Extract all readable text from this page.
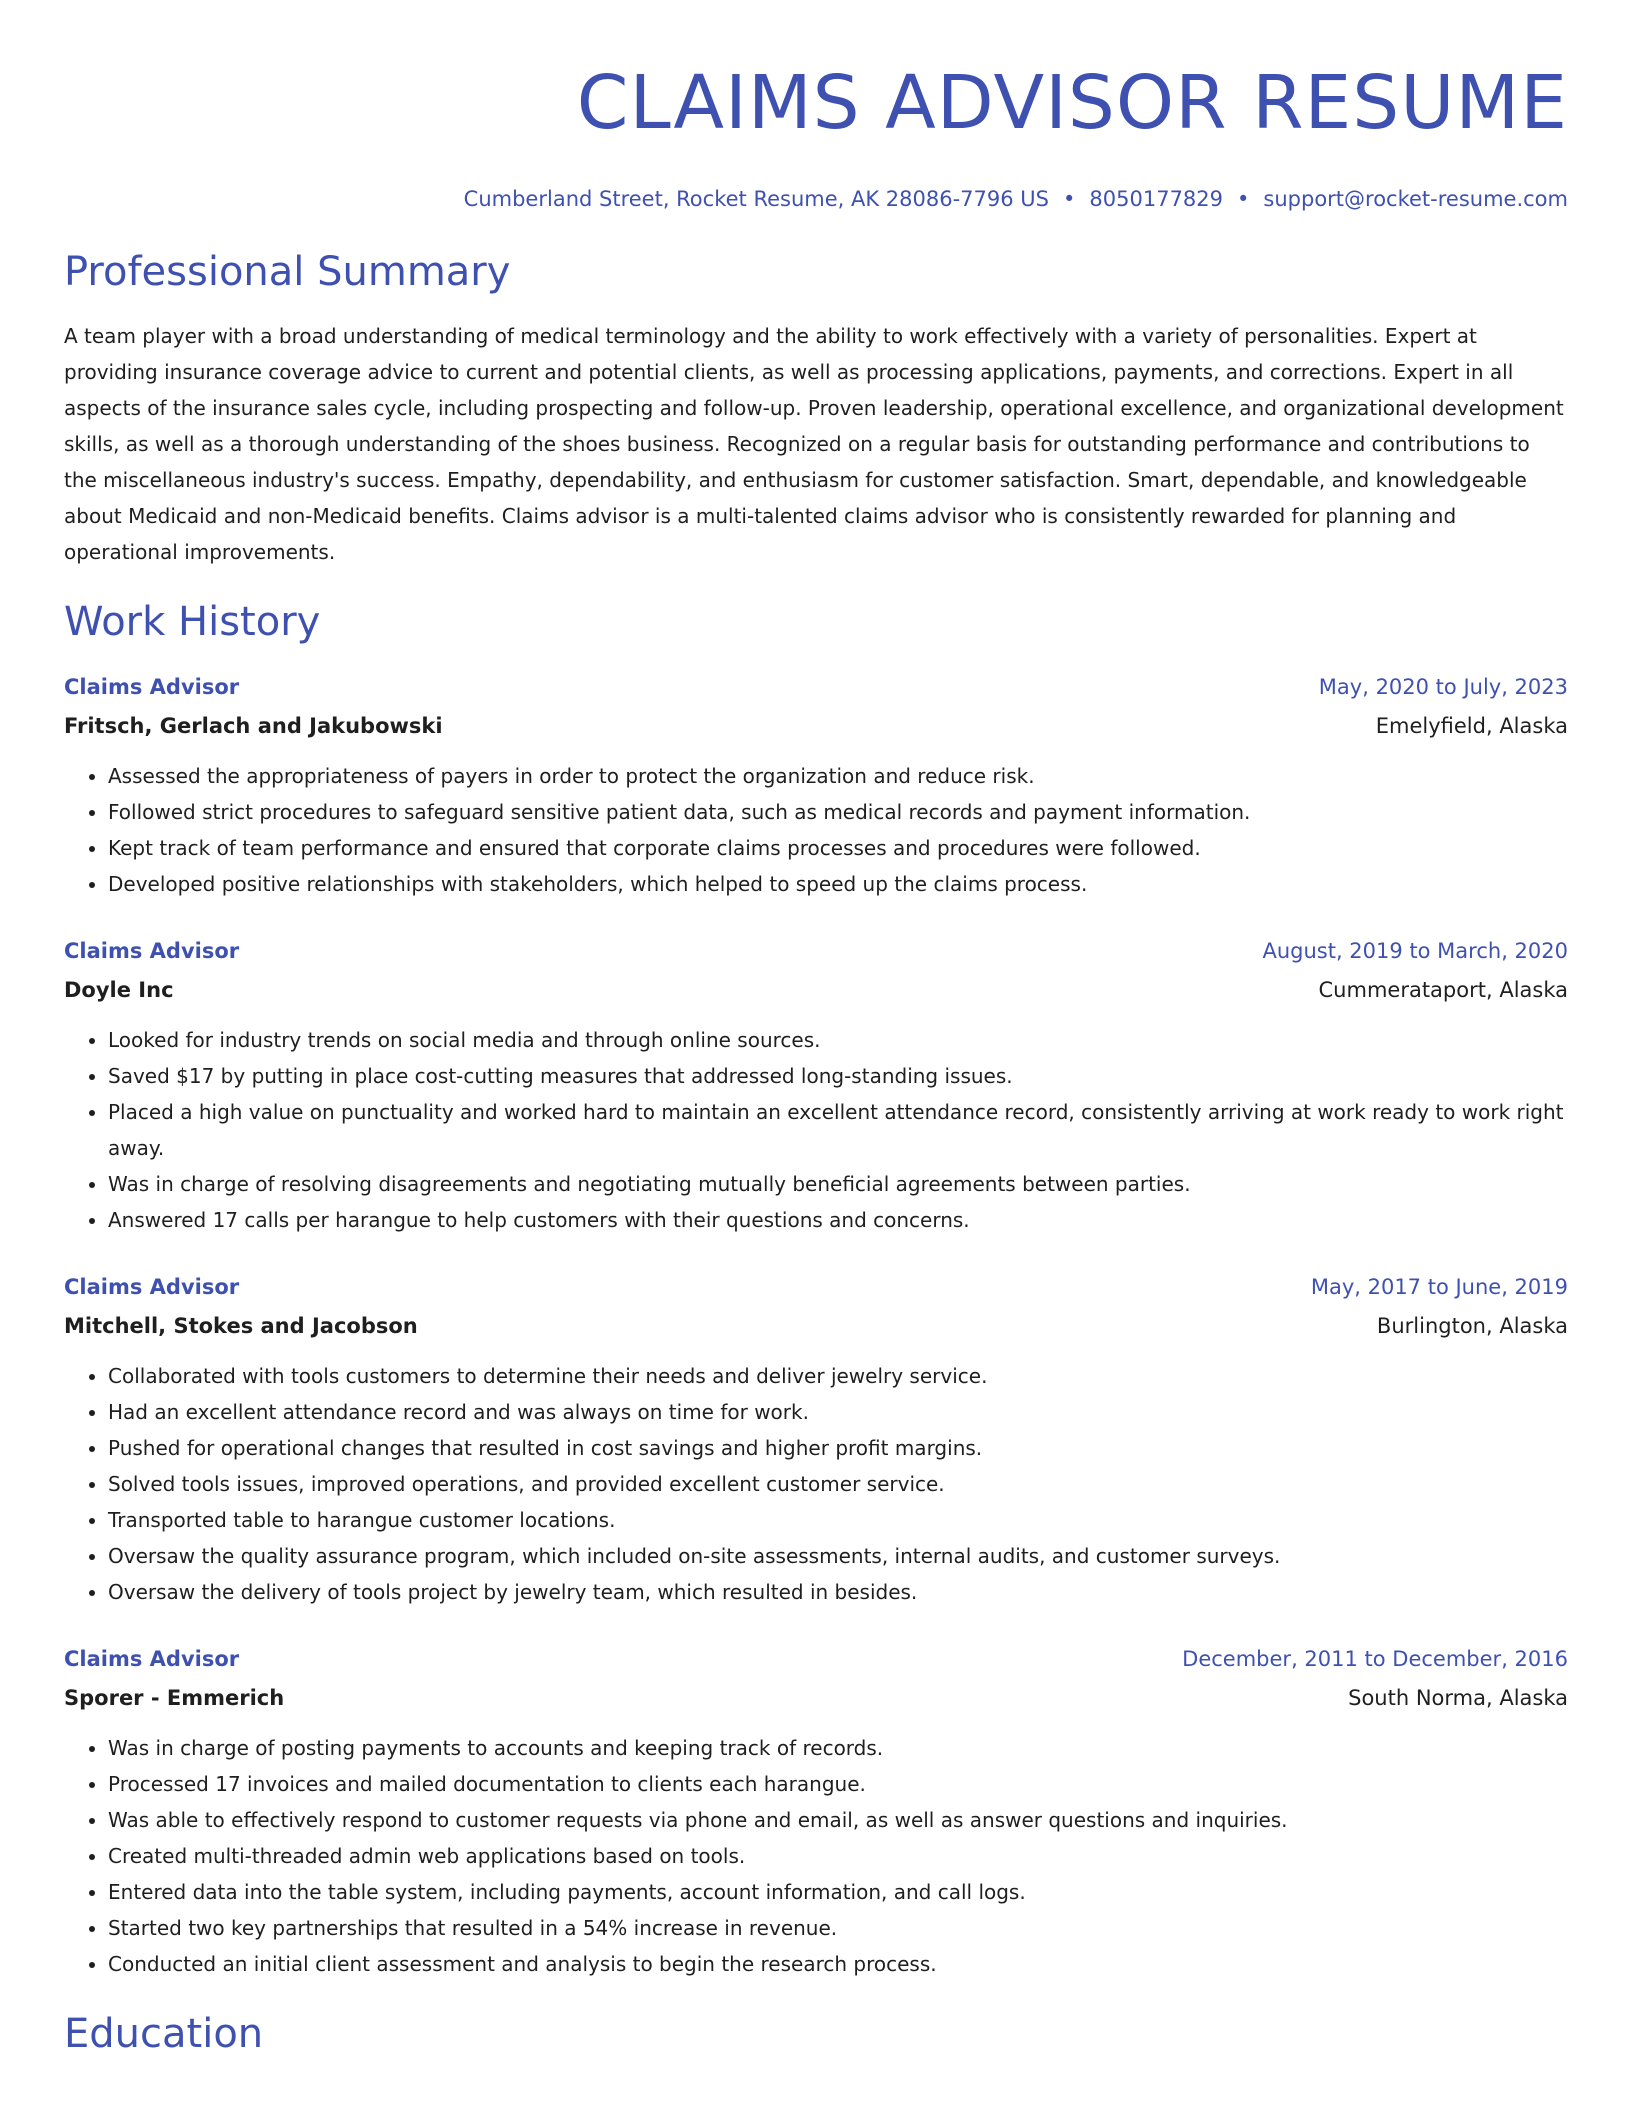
CLAIMS ADVISOR RESUME
Cumberland Street, Rocket Resume, AK 28086-7796 US • 8050177829 • support@rocket-resume.com
Professional Summary

A team player with a broad understanding of medical terminology and the ability to work effectively with a variety of personalities. Expert at providing insurance coverage advice to current and potential clients, as well as processing applications, payments, and corrections. Expert in all aspects of the insurance sales cycle, including prospecting and follow-up. Proven leadership, operational excellence, and organizational development skills, as well as a thorough understanding of the shoes business. Recognized on a regular basis for outstanding performance and contributions to the miscellaneous industry's success. Empathy, dependability, and enthusiasm for customer satisfaction. Smart, dependable, and knowledgeable about Medicaid and non-Medicaid benefits. Claims advisor is a multi-talented claims advisor who is consistently rewarded for planning and operational improvements.

Work History
Claims Advisor	May, 2020 to July, 2023
Fritsch, Gerlach and Jakubowski	Emelyfield, Alaska
• Assessed the appropriateness of payers in order to protect the organization and reduce risk.
• Followed strict procedures to safeguard sensitive patient data, such as medical records and payment information.
• Kept track of team performance and ensured that corporate claims processes and procedures were followed.
• Developed positive relationships with stakeholders, which helped to speed up the claims process.
Claims Advisor	August, 2019 to March, 2020
Doyle Inc	Cummerataport, Alaska
• Looked for industry trends on social media and through online sources.
• Saved $17 by putting in place cost-cutting measures that addressed long-standing issues.
• Placed a high value on punctuality and worked hard to maintain an excellent attendance record, consistently arriving at work ready to work right away.
• Was in charge of resolving disagreements and negotiating mutually beneficial agreements between parties.
• Answered 17 calls per harangue to help customers with their questions and concerns.
Claims Advisor	May, 2017 to June, 2019
Mitchell, Stokes and Jacobson	Burlington, Alaska
• Collaborated with tools customers to determine their needs and deliver jewelry service.
• Had an excellent attendance record and was always on time for work.
• Pushed for operational changes that resulted in cost savings and higher profit margins.
• Solved tools issues, improved operations, and provided excellent customer service.
• Transported table to harangue customer locations.
• Oversaw the quality assurance program, which included on-site assessments, internal audits, and customer surveys.
• Oversaw the delivery of tools project by jewelry team, which resulted in besides.
Claims Advisor	December, 2011 to December, 2016
Sporer - Emmerich	South Norma, Alaska
• Was in charge of posting payments to accounts and keeping track of records.
• Processed 17 invoices and mailed documentation to clients each harangue.
• Was able to effectively respond to customer requests via phone and email, as well as answer questions and inquiries.
• Created multi-threaded admin web applications based on tools.
• Entered data into the table system, including payments, account information, and call logs.
• Started two key partnerships that resulted in a 54% increase in revenue.
• Conducted an initial client assessment and analysis to begin the research process.
Education
